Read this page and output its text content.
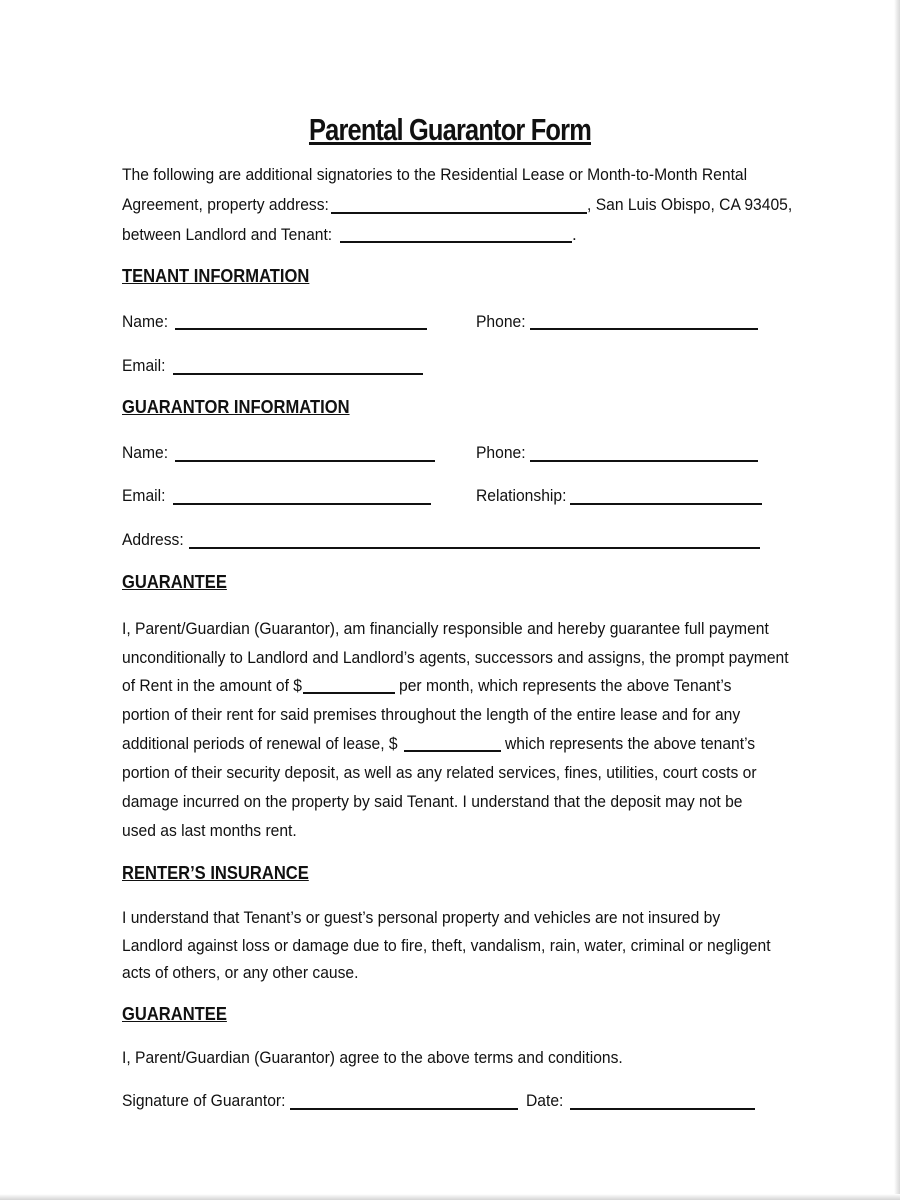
Parental Guarantor Form
The following are additional signatories to the Residential Lease or Month-to-Month Rental
Agreement, property address:	, San Luis Obispo, CA 93405,
between Landlord and Tenant:	.
TENANT INFORMATION
Name:	Phone:
Email:
GUARANTOR INFORMATION
Name:	Phone:
Email:	Relationship:
Address:
GUARANTEE
I, Parent/Guardian (Guarantor), am financially responsible and hereby guarantee full payment
unconditionally to Landlord and Landlord’s agents, successors and assigns, the prompt payment
of Rent in the amount of $	per month, which represents the above Tenant’s
portion of their rent for said premises throughout the length of the entire lease and for any
additional periods of renewal of lease, $	which represents the above tenant’s
portion of their security deposit, as well as any related services, fines, utilities, court costs or
damage incurred on the property by said Tenant. I understand that the deposit may not be
used as last months rent.
RENTER’S INSURANCE
I understand that Tenant’s or guest’s personal property and vehicles are not insured by
Landlord against loss or damage due to fire, theft, vandalism, rain, water, criminal or negligent
acts of others, or any other cause.
GUARANTEE
I, Parent/Guardian (Guarantor) agree to the above terms and conditions.
Signature of Guarantor:	Date:
